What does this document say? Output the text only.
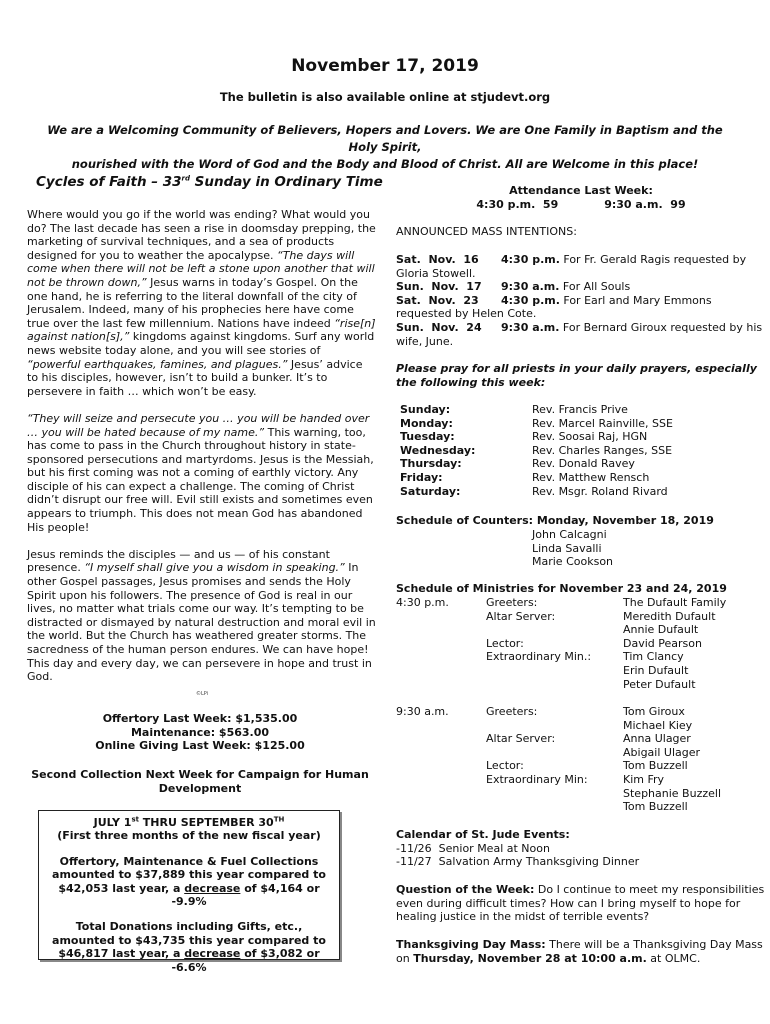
November 17, 2019
The bulletin is also available online at stjudevt.org
We are a Welcoming Community of Believers, Hopers and Lovers. We are One Family in Baptism and the Holy Spirit,
nourished with the Word of God and the Body and Blood of Christ. All are Welcome in this place!
Cycles of Faith – 33rd Sunday in Ordinary Time

Where would you go if the world was ending? What would you do? The last decade has seen a rise in doomsday prepping, the marketing of survival techniques, and a sea of products designed for you to weather the apocalypse. “The days will come when there will not be left a stone upon another that will not be thrown down,” Jesus warns in today’s Gospel. On the one hand, he is referring to the literal downfall of the city of Jerusalem. Indeed, many of his prophecies here have come true over the last few millennium. Nations have indeed “rise[n] against nation[s],” kingdoms against kingdoms. Surf any world news website today alone, and you will see stories of “powerful earthquakes, famines, and plagues.” Jesus’ advice to his disciples, however, isn’t to build a bunker. It’s to persevere in faith … which won’t be easy.

“They will seize and persecute you … you will be handed over … you will be hated because of my name.” This warning, too, has come to pass in the Church throughout history in state-sponsored persecutions and martyrdoms. Jesus is the Messiah, but his first coming was not a coming of earthly victory. Any disciple of his can expect a challenge. The coming of Christ didn’t disrupt our free will. Evil still exists and sometimes even appears to triumph. This does not mean God has abandoned His people!

Jesus reminds the disciples — and us — of his constant presence. “I myself shall give you a wisdom in speaking.” In other Gospel passages, Jesus promises and sends the Holy Spirit upon his followers. The presence of God is real in our lives, no matter what trials come our way. It’s tempting to be distracted or dismayed by natural destruction and moral evil in the world. But the Church has weathered greater storms. The sacredness of the human person endures. We can have hope! This day and every day, we can persevere in hope and trust in God.

©LPi
Offertory Last Week: $1,535.00
Maintenance: $563.00
Online Giving Last Week: $125.00
Second Collection Next Week for Campaign for Human Development

JULY 1st THRU SEPTEMBER 30TH

(First three months of the new fiscal year)

Offertory, Maintenance & Fuel Collections amounted to $37,889 this year compared to $42,053 last year, a decrease of $4,164 or -9.9%

Total Donations including Gifts, etc., amounted to $43,735 this year compared to $46,817 last year, a decrease of $3,082 or -6.6%

Attendance Last Week:
4:30 p.m.  59            9:30 a.m.  99
ANNOUNCED MASS INTENTIONS:
Sat.  Nov.  16 4:30 p.m. For Fr. Gerald Ragis requested by Gloria Stowell.
Sun.  Nov.  17 9:30 a.m. For All Souls
Sat.  Nov.  23 4:30 p.m. For Earl and Mary Emmons requested by Helen Cote.
Sun.  Nov.  24 9:30 a.m. For Bernard Giroux requested by his wife, June.
Please pray for all priests in your daily prayers, especially the following this week:
Sunday:	Rev. Francis Prive
Monday:	Rev. Marcel Rainville, SSE
Tuesday:	Rev. Soosai Raj, HGN
Wednesday:	Rev. Charles Ranges, SSE
Thursday:	Rev. Donald Ravey
Friday:	Rev. Matthew Rensch
Saturday:	Rev. Msgr. Roland Rivard
Schedule of Counters: Monday, November 18, 2019
John Calcagni
Linda Savalli
Marie Cookson
Schedule of Ministries for November 23 and 24, 2019
4:30 p.m.	Greeters:	The Dufault Family
Altar Server:	Meredith Dufault
Annie Dufault
Lector:	David Pearson
Extraordinary Min.:	Tim Clancy
Erin Dufault
Peter Dufault
9:30 a.m.	Greeters:	Tom Giroux
Michael Kiey
Altar Server:	Anna Ulager
Abigail Ulager
Lector:	Tom Buzzell
Extraordinary Min:	Kim Fry
Stephanie Buzzell
Tom Buzzell
Calendar of St. Jude Events:
-11/26  Senior Meal at Noon
-11/27  Salvation Army Thanksgiving Dinner
Question of the Week: Do I continue to meet my responsibilities even during difficult times? How can I bring myself to hope for healing justice in the midst of terrible events?
Thanksgiving Day Mass: There will be a Thanksgiving Day Mass on Thursday, November 28 at 10:00 a.m. at OLMC.
